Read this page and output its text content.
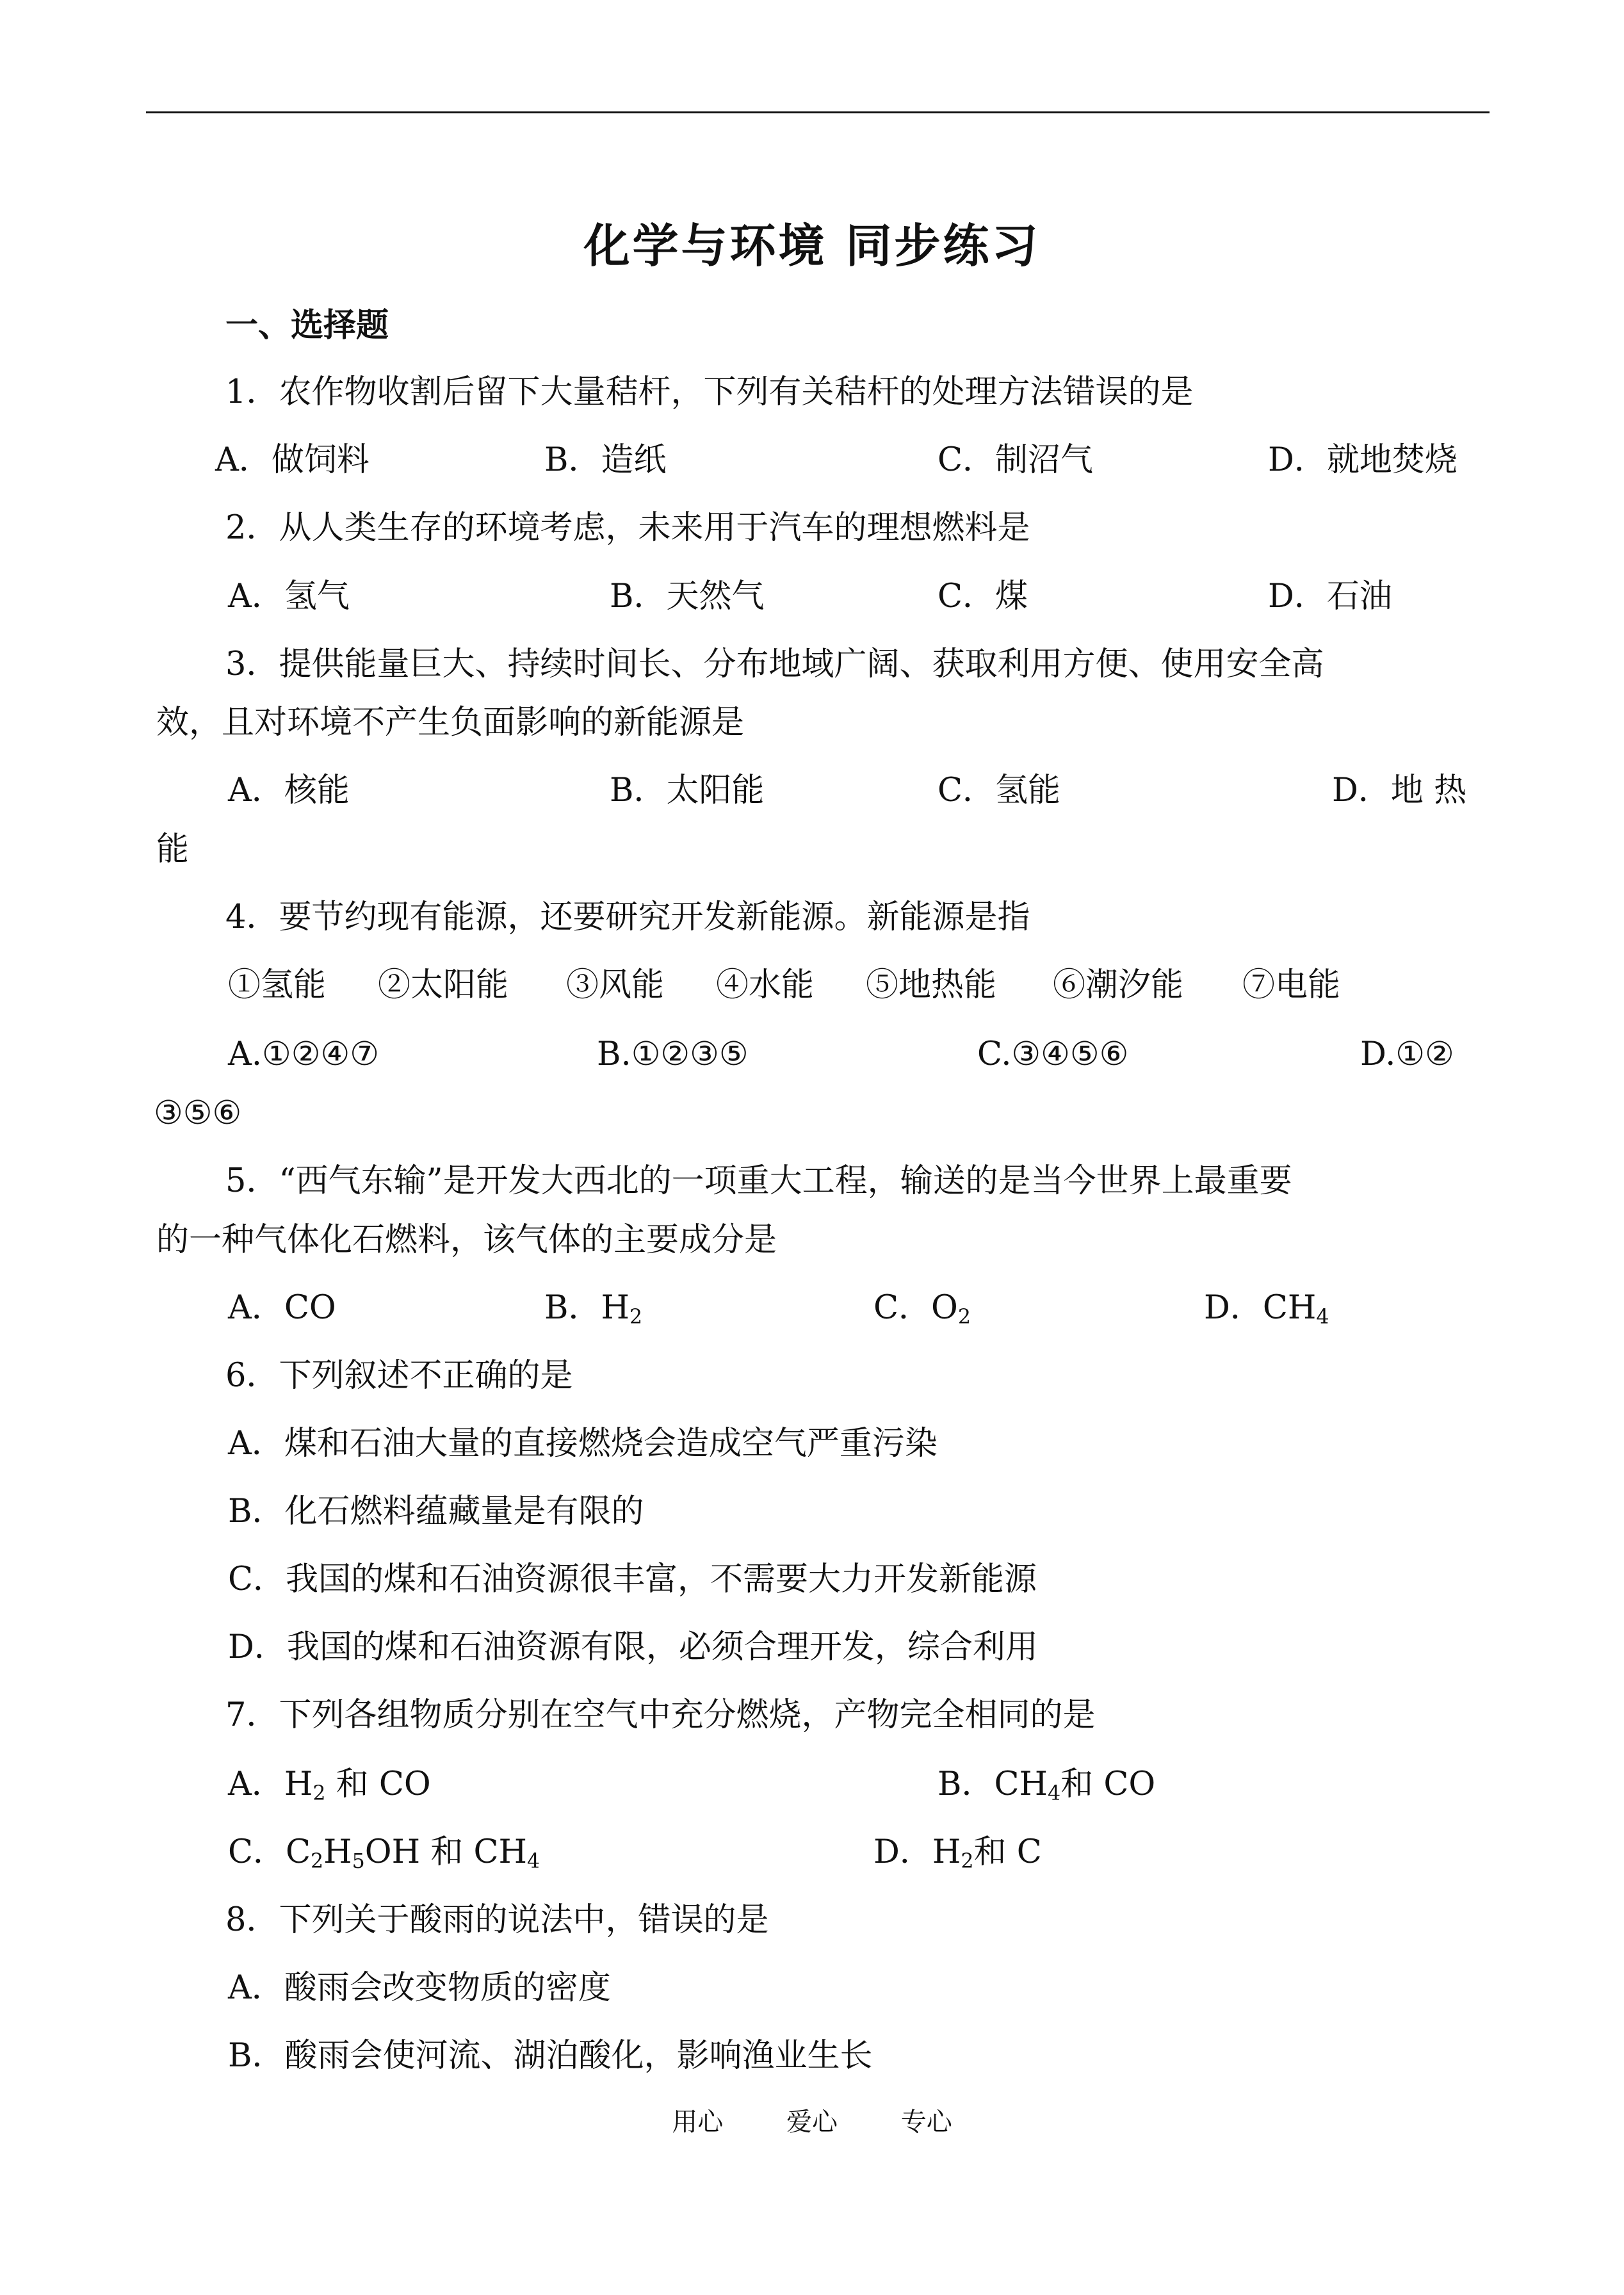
化学与环境 同步练习
一、选择题
1．农作物收割后留下大量秸杆，下列有关秸杆的处理方法错误的是
A．做饲料	B．造纸	C．制沼气	D．就地焚烧
2．从人类生存的环境考虑，未来用于汽车的理想燃料是
A．氢气	B．天然气	C．煤	D．石油
3．提供能量巨大、持续时间长、分布地域广阔、获取利用方便、使用安全高
效，且对环境不产生负面影响的新能源是
A．核能	B．太阳能	C．氢能	D．地 热
能
4．要节约现有能源，还要研究开发新能源。新能源是指
①氢能 ②太阳能 ③风能 ④水能 ⑤地热能 ⑥潮汐能 ⑦电能
A.①②④⑦	B.①②③⑤	C.③④⑤⑥	D.①②
③⑤⑥
5．“西气东输”是开发大西北的一项重大工程，输送的是当今世界上最重要
的一种气体化石燃料，该气体的主要成分是
A．CO	B．$H_2$	C．$O_2$	D．$CH_4$
6．下列叙述不正确的是
A．煤和石油大量的直接燃烧会造成空气严重污染
B．化石燃料蕴藏量是有限的
C．我国的煤和石油资源很丰富，不需要大力开发新能源
D．我国的煤和石油资源有限，必须合理开发，综合利用
7．下列各组物质分别在空气中充分燃烧，产物完全相同的是
A．$H_2$ 和 CO	B．$CH_4$和 CO
C．$C_2H_5OH$ 和 $CH_4$	D．$H_2$和 C
8．下列关于酸雨的说法中，错误的是
A．酸雨会改变物质的密度
B．酸雨会使河流、湖泊酸化，影响渔业生长
用心 爱心 专心
